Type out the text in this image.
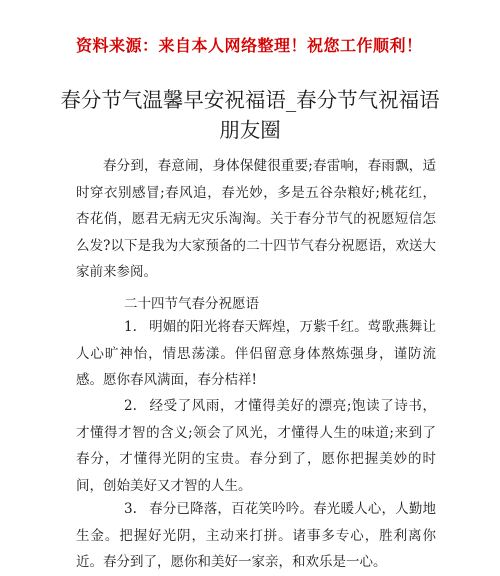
资料来源：来自本人网络整理！祝您工作顺利！
春分节气温馨早安祝福语_春分节气祝福语
朋友圈
春分到，春意闹，身体保健很重要;春雷响，春雨飘，适时穿衣别感冒;春风追，春光妙，多是五谷杂粮好;桃花红，杏花俏，愿君无病无灾乐淘淘。关于春分节气的祝愿短信怎么发?以下是我为大家预备的二十四节气春分祝愿语，欢送大家前来参阅。
二十四节气春分祝愿语
1. 明媚的阳光将春天辉煌，万紫千红。莺歌燕舞让人心旷神怡，情思荡漾。伴侣留意身体熬炼强身，谨防流感。愿你春风满面，春分桔祥!
2. 经受了风雨，才懂得美好的漂亮;饱读了诗书，才懂得才智的含义;领会了风光，才懂得人生的味道;来到了春分，才懂得光阴的宝贵。春分到了，愿你把握美妙的时间，创始美好又才智的人生。
3. 春分已降落，百花笑吟吟。春光暖人心，人勤地生金。把握好光阴，主动来打拼。诸事多专心，胜利离你近。春分到了，愿你和美好一家亲，和欢乐是一心。
